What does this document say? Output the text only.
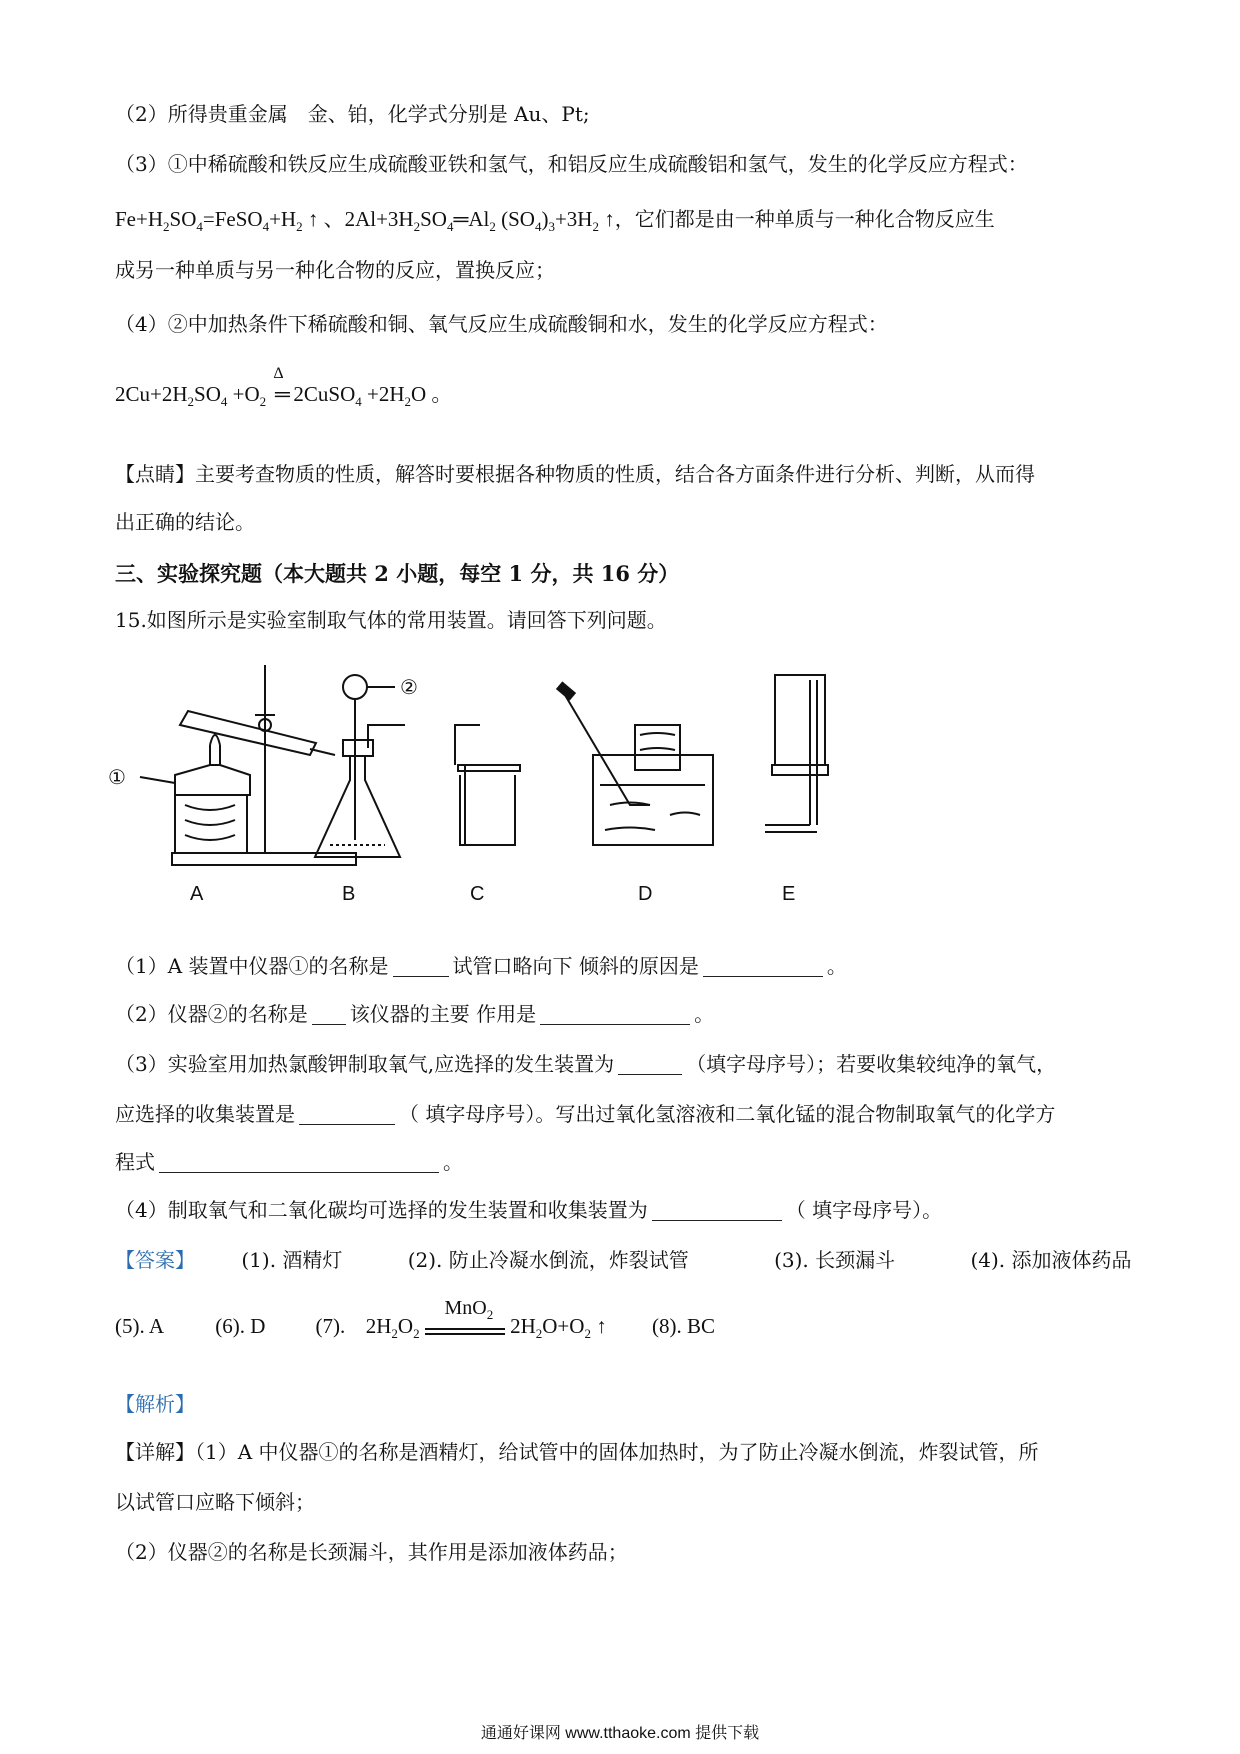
（2）所得贵重金属　金、铂，化学式分别是 Au、Pt;
（3）①中稀硫酸和铁反应生成硫酸亚铁和氢气，和铝反应生成硫酸铝和氢气，发生的化学反应方程式：
$Fe+H_2SO_4=FeSO_4+H_2$ ↑ 、$2Al+3H_2SO_4═Al_2$ $(SO_4)_3+3H_2$ ↑，它们都是由一种单质与一种化合物反应生
成另一种单质与另一种化合物的反应，置换反应；
（4）②中加热条件下稀硫酸和铜、氧气反应生成硫酸铜和水，发生的化学反应方程式：
$2Cu+2H_2SO_4 +O_2$
Δ
═ 2CuSO$_4$ $+2H_2O$ 。
【点睛】主要考查物质的性质，解答时要根据各种物质的性质，结合各方面条件进行分析、判断，从而得
出正确的结论。
三、实验探究题（本大题共 2 小题，每空 1 分，共 16 分）
15.如图所示是实验室制取气体的常用装置。请回答下列问题。
①
②
A	B	C	D	E
（1）A 装置中仪器①的名称是	试管口略向下 倾斜的原因是	。
（2）仪器②的名称是 该仪器的主要 作用是	。
（3）实验室用加热氯酸钾制取氧气,应选择的发生装置为	（填字母序号）；若要收集较纯净的氧气，
应选择的收集装置是	（ 填字母序号）。写出过氧化氢溶液和二氧化锰的混合物制取氧气的化学方
程式	。
（4）制取氧气和二氧化碳均可选择的发生装置和收集装置为	（ 填字母序号）。
【答案】 (1). 酒精灯	(2). 防止冷凝水倒流，炸裂试管	(3). 长颈漏斗	(4). 添加液体药品
(5). A (6). D (7). $2H_2O_2$
MnO$_2$ $2H_2O+O_2$ ↑ (8). BC
【解析】
【详解】（1）A 中仪器①的名称是酒精灯，给试管中的固体加热时，为了防止冷凝水倒流，炸裂试管，所
以试管口应略下倾斜；
（2）仪器②的名称是长颈漏斗，其作用是添加液体药品；
通通好课网 www.tthaoke.com 提供下载
